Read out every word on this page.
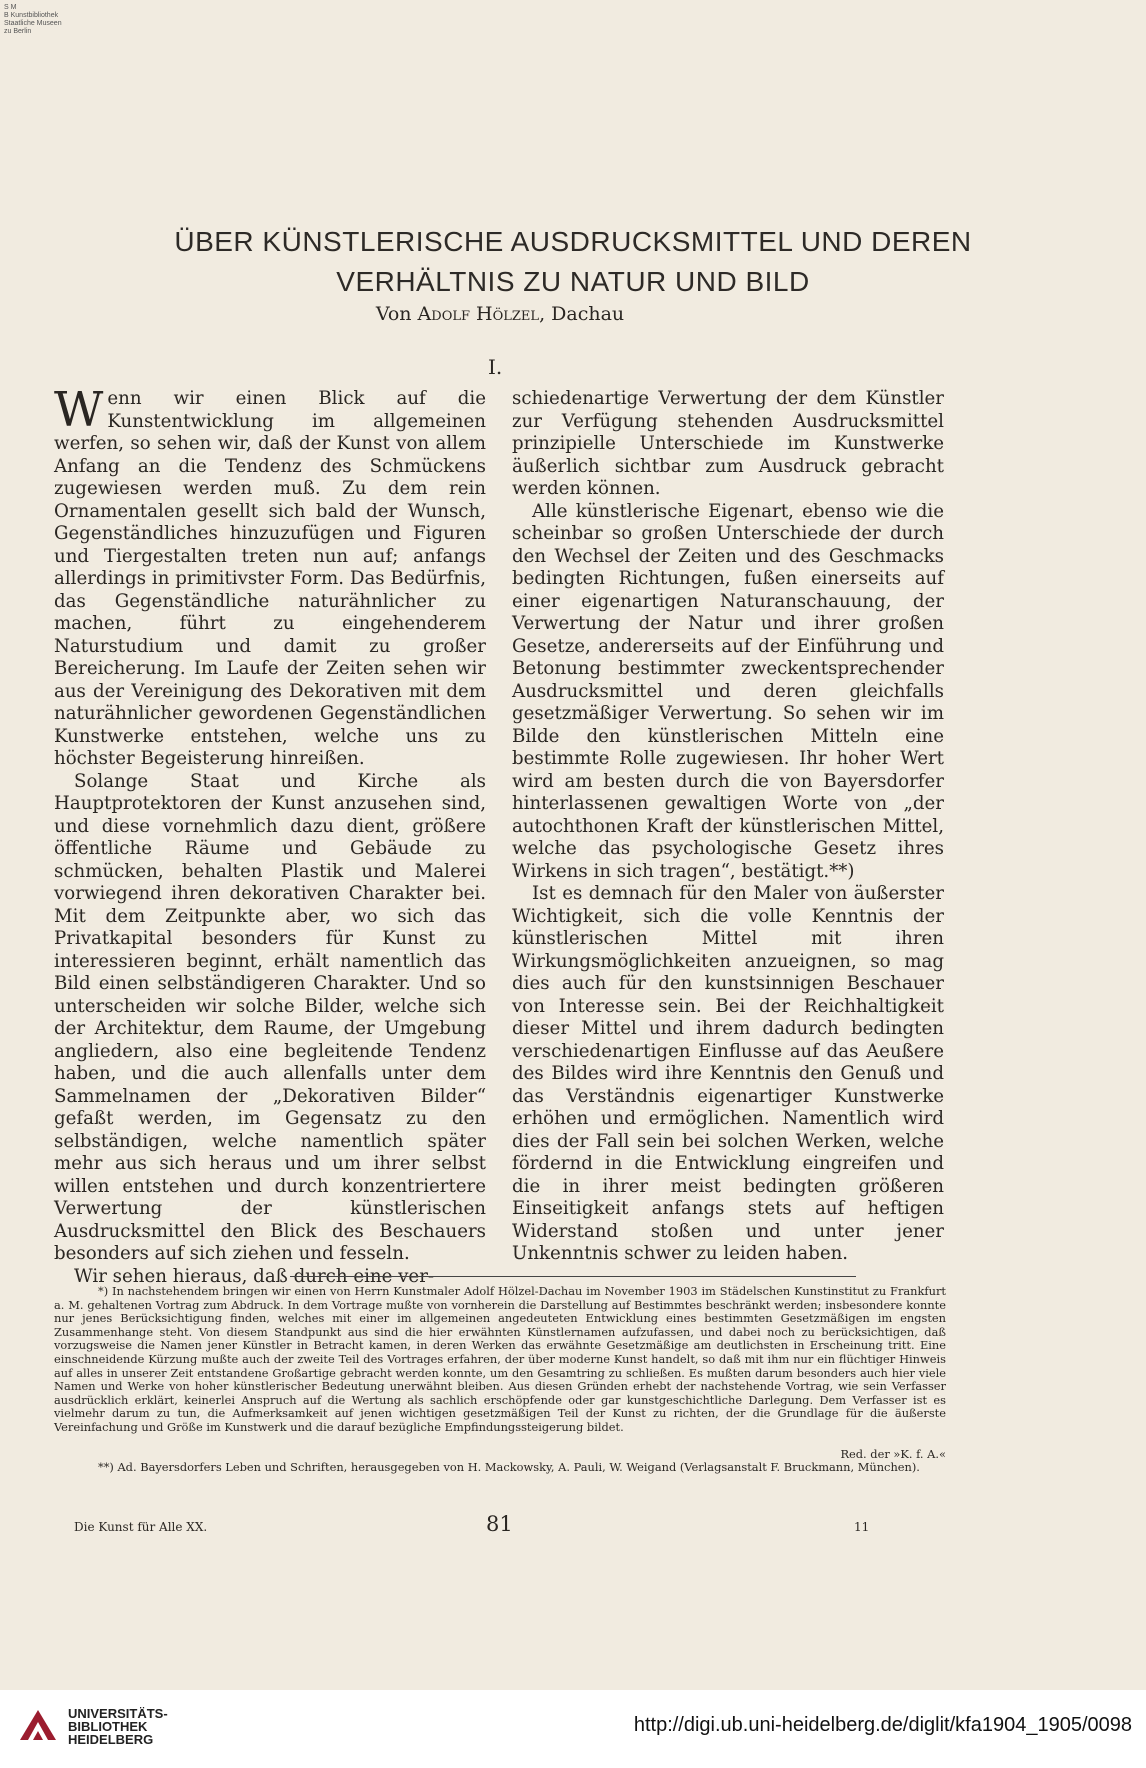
S M
B Kunstbibliothek
Staatliche Museen
zu Berlin
ÜBER KÜNSTLERISCHE AUSDRUCKSMITTEL UND DEREN
VERHÄLTNIS ZU NATUR UND BILD
Von Adolf Hölzel, Dachau
I.

Wenn wir einen Blick auf die Kunstentwicklung im allgemeinen werfen, so sehen wir, daß der Kunst von allem Anfang an die Tendenz des Schmückens zugewiesen werden muß. Zu dem rein Ornamentalen gesellt sich bald der Wunsch, Gegenständliches hinzuzufügen und Figuren und Tiergestalten treten nun auf; anfangs allerdings in primitivster Form. Das Bedürfnis, das Gegenständliche naturähnlicher zu machen, führt zu eingehenderem Naturstudium und damit zu großer Bereicherung. Im Laufe der Zeiten sehen wir aus der Vereinigung des Dekorativen mit dem naturähnlicher gewordenen Gegenständlichen Kunstwerke entstehen, welche uns zu höchster Begeisterung hinreißen.

Solange Staat und Kirche als Hauptprotektoren der Kunst anzusehen sind, und diese vornehmlich dazu dient, größere öffentliche Räume und Gebäude zu schmücken, behalten Plastik und Malerei vorwiegend ihren dekorativen Charakter bei. Mit dem Zeitpunkte aber, wo sich das Privatkapital besonders für Kunst zu interessieren beginnt, erhält namentlich das Bild einen selbständigeren Charakter. Und so unterscheiden wir solche Bilder, welche sich der Architektur, dem Raume, der Umgebung angliedern, also eine begleitende Tendenz haben, und die auch allenfalls unter dem Sammelnamen der „Dekorativen Bilder“ gefaßt werden, im Gegensatz zu den selbständigen, welche namentlich später mehr aus sich heraus und um ihrer selbst willen entstehen und durch konzentriertere Verwertung der künstlerischen Ausdrucksmittel den Blick des Beschauers besonders auf sich ziehen und fesseln.

Wir sehen hieraus, daß durch eine ver-

schiedenartige Verwertung der dem Künstler zur Verfügung stehenden Ausdrucksmittel prinzipielle Unterschiede im Kunstwerke äußerlich sichtbar zum Ausdruck gebracht werden können.

Alle künstlerische Eigenart, ebenso wie die scheinbar so großen Unterschiede der durch den Wechsel der Zeiten und des Geschmacks bedingten Richtungen, fußen einerseits auf einer eigenartigen Naturanschauung, der Verwertung der Natur und ihrer großen Gesetze, andererseits auf der Einführung und Betonung bestimmter zweckentsprechender Ausdrucksmittel und deren gleichfalls gesetzmäßiger Verwertung. So sehen wir im Bilde den künstlerischen Mitteln eine bestimmte Rolle zugewiesen. Ihr hoher Wert wird am besten durch die von Bayersdorfer hinterlassenen gewaltigen Worte von „der autochthonen Kraft der künstlerischen Mittel, welche das psychologische Gesetz ihres Wirkens in sich tragen“, bestätigt.**)

Ist es demnach für den Maler von äußerster Wichtigkeit, sich die volle Kenntnis der künstlerischen Mittel mit ihren Wirkungsmöglichkeiten anzueignen, so mag dies auch für den kunstsinnigen Beschauer von Interesse sein. Bei der Reichhaltigkeit dieser Mittel und ihrem dadurch bedingten verschiedenartigen Einflusse auf das Aeußere des Bildes wird ihre Kenntnis den Genuß und das Verständnis eigenartiger Kunstwerke erhöhen und ermöglichen. Namentlich wird dies der Fall sein bei solchen Werken, welche fördernd in die Entwicklung eingreifen und die in ihrer meist bedingten größeren Einseitigkeit anfangs stets auf heftigen Widerstand stoßen und unter jener Unkenntnis schwer zu leiden haben.

*) In nachstehendem bringen wir einen von Herrn Kunstmaler Adolf Hölzel-Dachau im November 1903 im Städelschen Kunstinstitut zu Frankfurt a. M. gehaltenen Vortrag zum Abdruck. In dem Vortrage mußte von vornherein die Darstellung auf Bestimmtes beschränkt werden; insbesondere konnte nur jenes Berücksichtigung finden, welches mit einer im allgemeinen angedeuteten Entwicklung eines bestimmten Gesetzmäßigen im engsten Zusammenhange steht. Von diesem Standpunkt aus sind die hier erwähnten Künstlernamen aufzufassen, und dabei noch zu berücksichtigen, daß vorzugsweise die Namen jener Künstler in Betracht kamen, in deren Werken das erwähnte Gesetzmäßige am deutlichsten in Erscheinung tritt. Eine einschneidende Kürzung mußte auch der zweite Teil des Vortrages erfahren, der über moderne Kunst handelt, so daß mit ihm nur ein flüchtiger Hinweis auf alles in unserer Zeit entstandene Großartige gebracht werden konnte, um den Gesamtring zu schließen. Es mußten darum besonders auch hier viele Namen und Werke von hoher künstlerischer Bedeutung unerwähnt bleiben. Aus diesen Gründen erhebt der nachstehende Vortrag, wie sein Verfasser ausdrücklich erklärt, keinerlei Anspruch auf die Wertung als sachlich erschöpfende oder gar kunstgeschichtliche Darlegung. Dem Verfasser ist es vielmehr darum zu tun, die Aufmerksamkeit auf jenen wichtigen gesetzmäßigen Teil der Kunst zu richten, der die Grundlage für die äußerste Vereinfachung und Größe im Kunstwerk und die darauf bezügliche Empfindungssteigerung bildet.
Red. der »K. f. A.«
**) Ad. Bayersdorfers Leben und Schriften, herausgegeben von H. Mackowsky, A. Pauli, W. Weigand (Verlagsanstalt F. Bruckmann, München).
Die Kunst für Alle XX.	81	11
UNIVERSITÄTS-
BIBLIOTHEK
HEIDELBERG
http://digi.ub.uni-heidelberg.de/diglit/kfa1904_1905/0098
